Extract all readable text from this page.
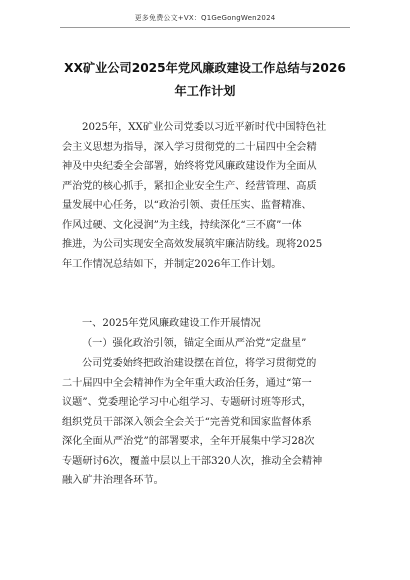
更多免费公文+VX：Q1GeGongWen2024
XX矿业公司2025年党风廉政建设工作总结与2026
年工作计划
2025年，XX矿业公司党委以习近平新时代中国特色社
会主义思想为指导，深入学习贯彻党的二十届四中全会精
神及中央纪委全会部署，始终将党风廉政建设作为全面从
严治党的核心抓手，紧扣企业安全生产、经营管理、高质
量发展中心任务，以“政治引领、责任压实、监督精准、
作风过硬、文化浸润”为主线，持续深化“三不腐”一体
推进，为公司实现安全高效发展筑牢廉洁防线。现将2025
年工作情况总结如下，并制定2026年工作计划。
一、2025年党风廉政建设工作开展情况
（一）强化政治引领，锚定全面从严治党“定盘星”
公司党委始终把政治建设摆在首位，将学习贯彻党的
二十届四中全会精神作为全年重大政治任务，通过“第一
议题”、党委理论学习中心组学习、专题研讨班等形式，
组织党员干部深入领会全会关于“完善党和国家监督体系
深化全面从严治党”的部署要求，全年开展集中学习28次
专题研讨6次，覆盖中层以上干部320人次，推动全会精神
融入矿井治理各环节。
